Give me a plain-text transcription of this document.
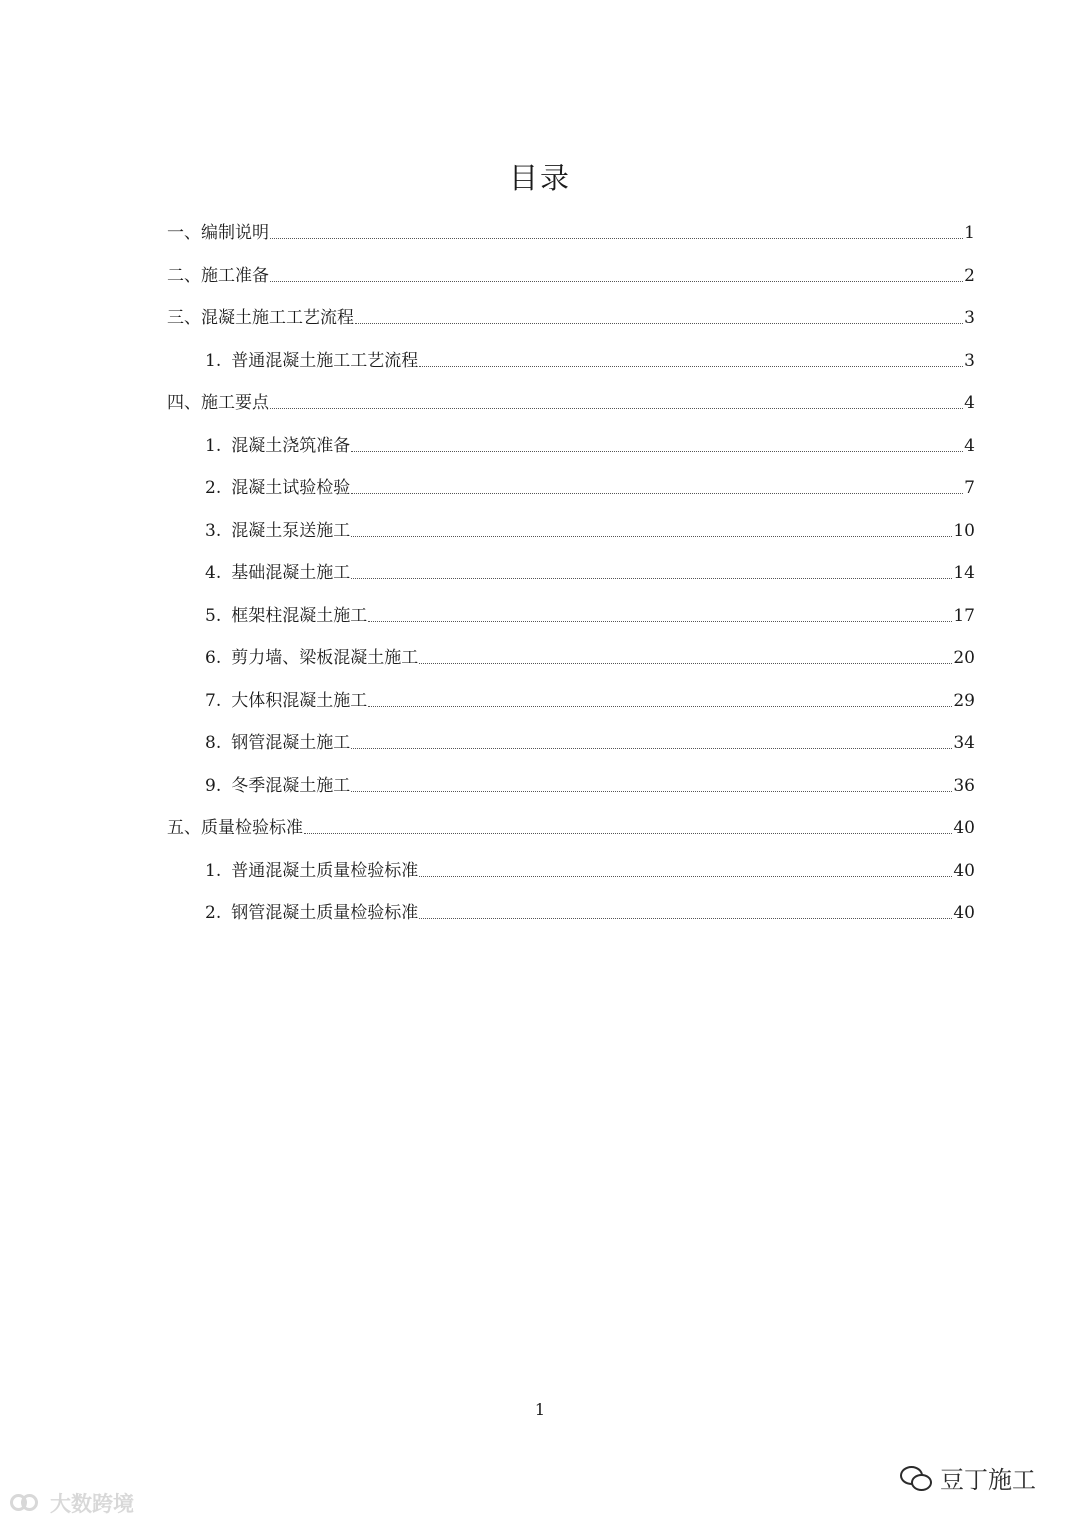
目录
一、编制说明	1
二、施工准备	2
三、混凝土施工工艺流程	3
1. 普通混凝土施工工艺流程	3
四、施工要点	4
1. 混凝土浇筑准备	4
2. 混凝土试验检验	7
3. 混凝土泵送施工	10
4. 基础混凝土施工	14
5. 框架柱混凝土施工	17
6. 剪力墙、梁板混凝土施工	20
7. 大体积混凝土施工	29
8. 钢管混凝土施工	34
9. 冬季混凝土施工	36
五、质量检验标准	40
1. 普通混凝土质量检验标准	40
2. 钢管混凝土质量检验标准	40
1
大数跨境
豆丁施工
